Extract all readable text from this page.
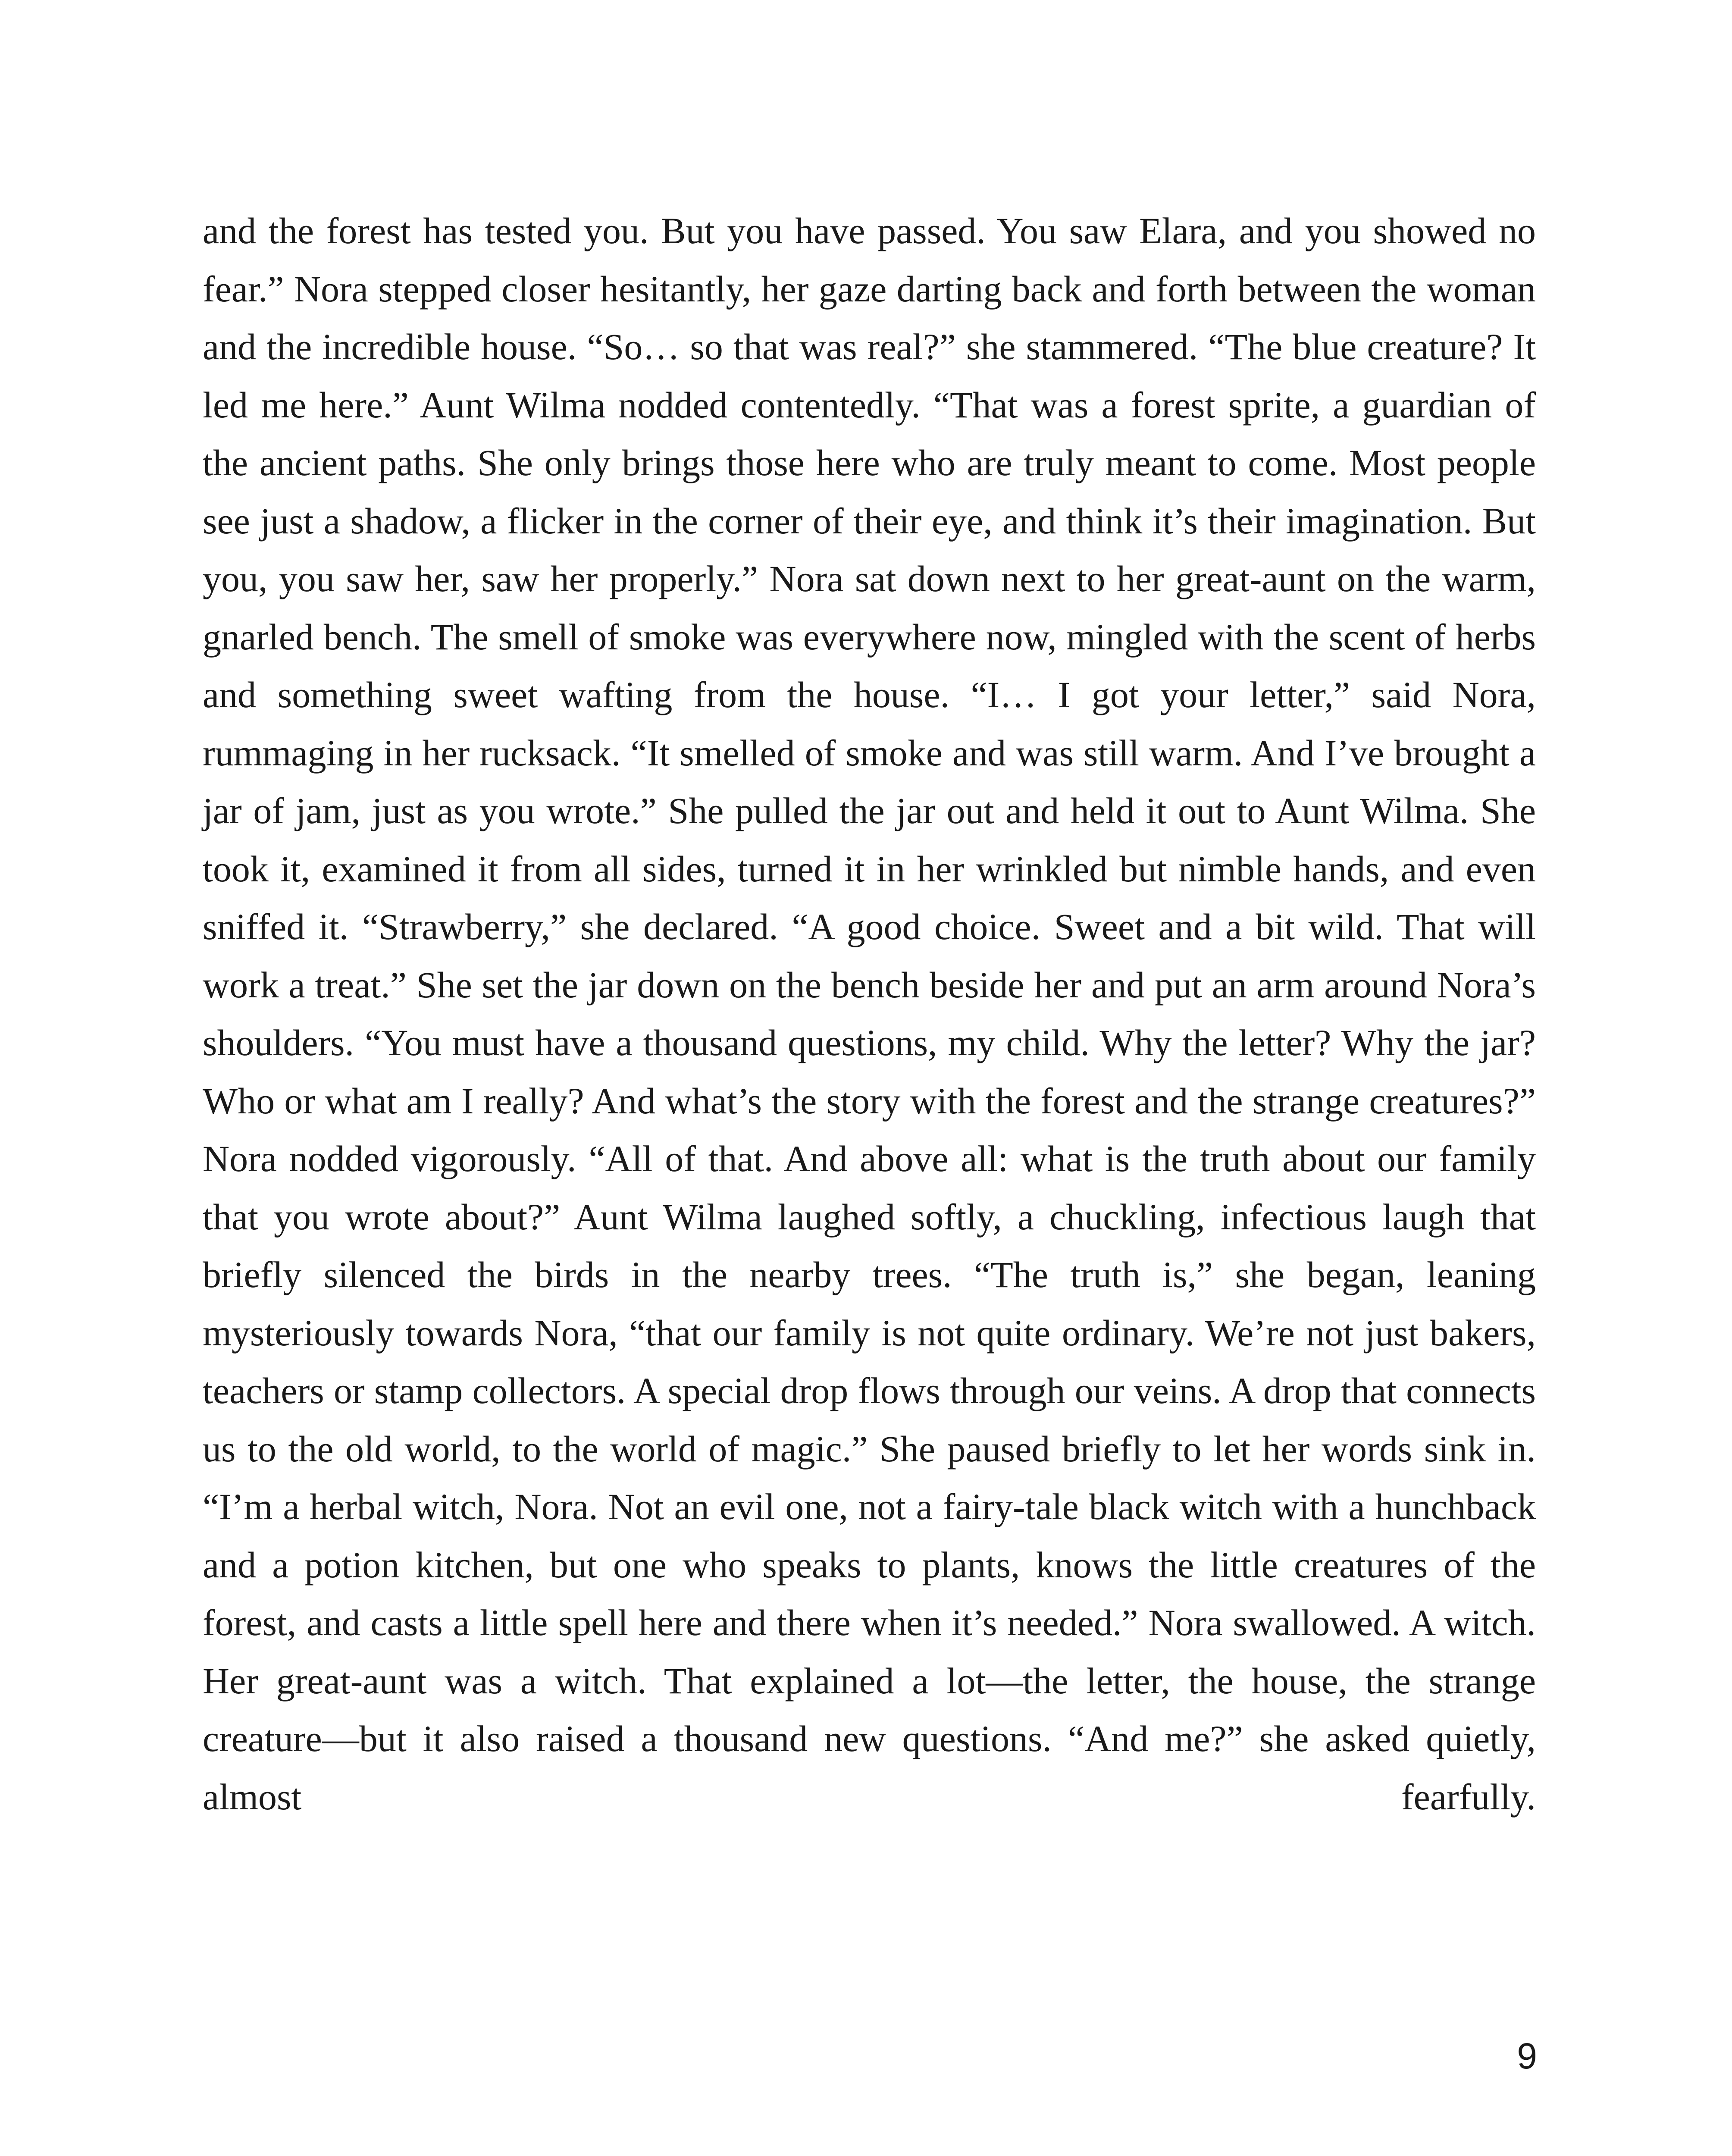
and the forest has tested you. But you have passed. You saw Elara, and you showed no fear.” Nora stepped closer hesitantly, her gaze darting back and forth between the woman and the incredible house. “So… so that was real?” she stammered. “The blue creature? It led me here.” Aunt Wilma nodded contentedly. “That was a forest sprite, a guardian of the ancient paths. She only brings those here who are truly meant to come. Most people see just a shadow, a flicker in the corner of their eye, and think it’s their imagination. But you, you saw her, saw her properly.” Nora sat down next to her great-aunt on the warm, gnarled bench. The smell of smoke was everywhere now, mingled with the scent of herbs and something sweet wafting from the house. “I… I got your letter,” said Nora, rummaging in her rucksack. “It smelled of smoke and was still warm. And I’ve brought a jar of jam, just as you wrote.” She pulled the jar out and held it out to Aunt Wilma. She took it, examined it from all sides, turned it in her wrinkled but nimble hands, and even sniffed it. “Strawberry,” she declared. “A good choice. Sweet and a bit wild. That will work a treat.” She set the jar down on the bench beside her and put an arm around Nora’s shoulders. “You must have a thousand questions, my child. Why the letter? Why the jar? Who or what am I really? And what’s the story with the forest and the strange creatures?” Nora nodded vigorously. “All of that. And above all: what is the truth about our family that you wrote about?” Aunt Wilma laughed softly, a chuckling, infectious laugh that briefly silenced the birds in the nearby trees. “The truth is,” she began, leaning mysteriously towards Nora, “that our family is not quite ordinary. We’re not just bakers, teachers or stamp collectors. A special drop flows through our veins. A drop that connects us to the old world, to the world of magic.” She paused briefly to let her words sink in. “I’m a herbal witch, Nora. Not an evil one, not a fairy-tale black witch with a hunchback and a potion kitchen, but one who speaks to plants, knows the little creatures of the forest, and casts a little spell here and there when it’s needed.” Nora swallowed. A witch. Her great-aunt was a witch. That explained a lot—the letter, the house, the strange creature—but it also raised a thousand new questions. “And me?” she asked quietly, almost fearfully.

9
